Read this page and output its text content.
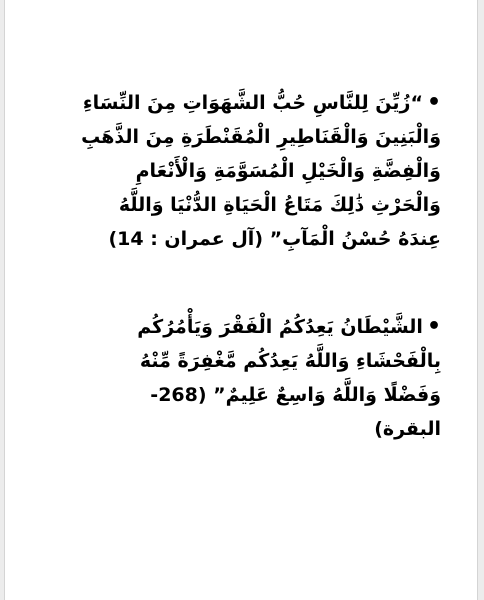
•“زُيِّنَ لِلنَّاسِ حُبُّ الشَّهَوَاتِ مِنَ النِّسَاءِ
وَالْبَنِينَ وَالْقَنَاطِيرِ الْمُقَنْطَرَةِ مِنَ الذَّهَبِ
وَالْفِضَّةِ وَالْخَيْلِ الْمُسَوَّمَةِ وَالْأَنْعَامِ
وَالْحَرْثِ ذَٰلِكَ مَتَاعُ الْحَيَاةِ الدُّنْيَا وَاللَّهُ
عِندَهُ حُسْنُ الْمَآبِ” (آل عمران : 14)

•الشَّيْطَانُ يَعِدُكُمُ الْفَقْرَ وَيَأْمُرُكُم
بِالْفَحْشَاءِ وَاللَّهُ يَعِدُكُم مَّغْفِرَةً مِّنْهُ
وَفَضْلًا وَاللَّهُ وَاسِعٌ عَلِيمٌ” (268-
البقرة)
